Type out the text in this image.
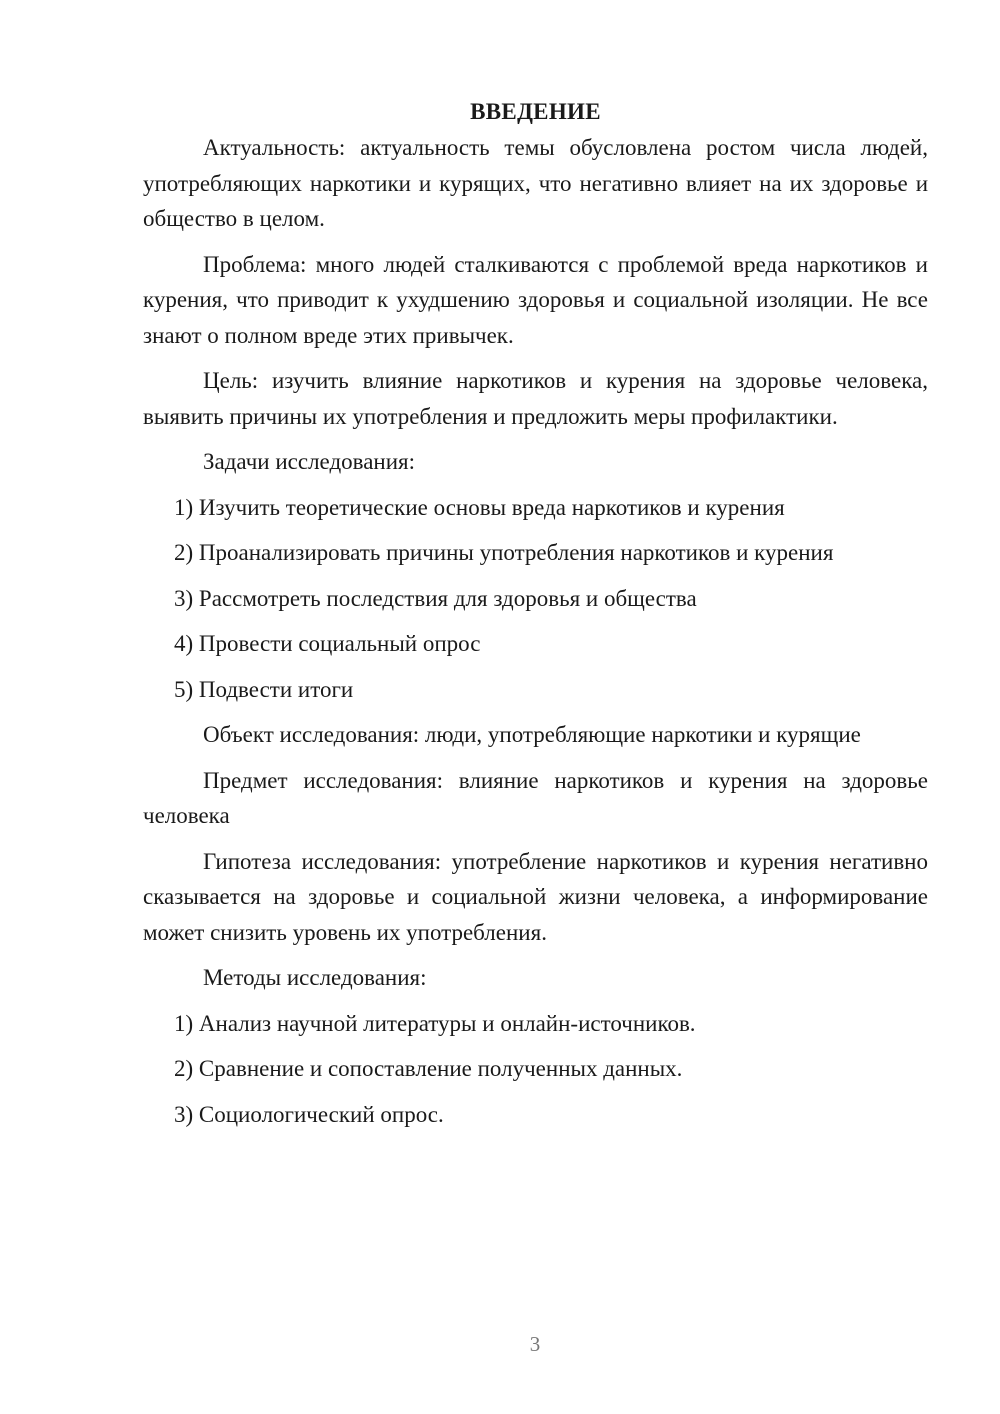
ВВЕДЕНИЕ

Актуальность: актуальность темы обусловлена ростом числа людей, употребляющих наркотики и курящих, что негативно влияет на их здоровье и общество в целом.

Проблема: много людей сталкиваются с проблемой вреда наркотиков и курения, что приводит к ухудшению здоровья и социальной изоляции. Не все знают о полном вреде этих привычек.

Цель: изучить влияние наркотиков и курения на здоровье человека, выявить причины их употребления и предложить меры профилактики.

Задачи исследования:

1) Изучить теоретические основы вреда наркотиков и курения
2) Проанализировать причины употребления наркотиков и курения
3) Рассмотреть последствия для здоровья и общества
4) Провести социальный опрос
5) Подвести итоги

Объект исследования: люди, употребляющие наркотики и курящие

Предмет исследования: влияние наркотиков и курения на здоровье человека

Гипотеза исследования: употребление наркотиков и курения негативно сказывается на здоровье и социальной жизни человека, а информирование может снизить уровень их употребления.

Методы исследования:

1) Анализ научной литературы и онлайн-источников.
2) Сравнение и сопоставление полученных данных.
3) Социологический опрос.
3
